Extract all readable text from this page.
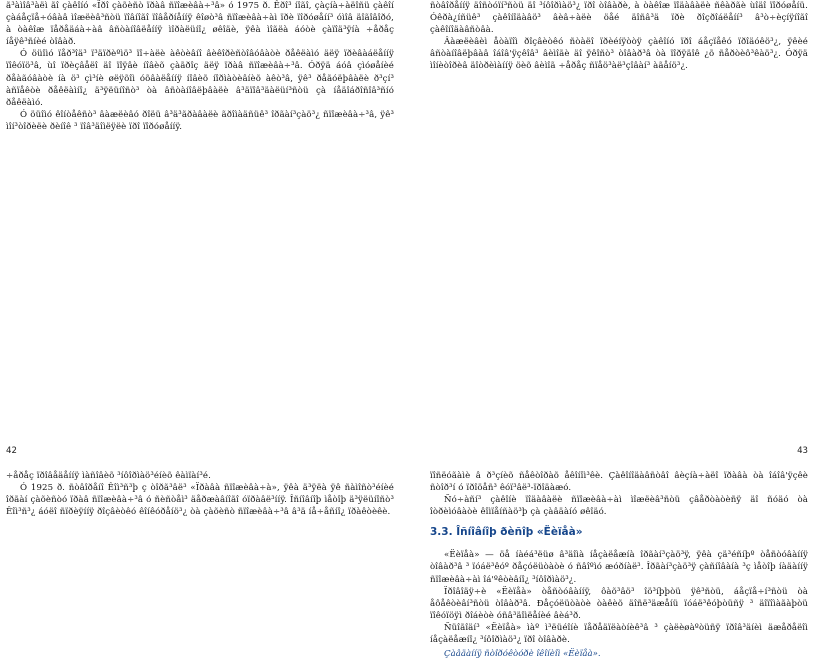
ã³àìîâ³àëì ãî çàêîíó «Ïðî çàõèñò ïðàâ ñïîæèâà÷³â» ó 1975 ð. Êðî³ íîãî, çàçíà÷àëîñü çàêîí çàáåçïå÷óâàâ ìîæëèâ³ñòü ïîâíîãî ïîâåðíåííÿ êîøò³â ñïîæèâà÷àì ïðè ïîðóøåíí³ óìîâ äîãîâîðó, à òàêîæ ïåðåäáà÷àâ âñòàíîâëåííÿ ìîðàëüíî¿ øêîäè, ÿêà ìîãëà áóòè çàïîä³ÿíà ÷åðåç íåÿê³ñíèé òîâàð.

Ó öüîìó ïåð³îä³ ï³äïðèºìö³ ïî÷àëè àêòèâíî âèêîðèñòîâóâàòè ðåêëàìó äëÿ ïðèâàáëåííÿ ïîêóïö³â, ùî ïðèçâåëî äî ïîÿâè íîâèõ çàãðîç äëÿ ïðàâ ñïîæèâà÷³â. Óðÿä áóâ çìóøåíèé ðåàãóâàòè íà ö³ çì³íè øëÿõîì óõâàëåííÿ íîâèõ íîðìàòèâíèõ àêò³â, ÿê³ ðåãóëþâàëè ð³çí³ àñïåêòè ðåêëàìíî¿ ä³ÿëüíîñò³ òà âñòàíîâëþâàëè â³äïîâ³äàëüí³ñòü çà íåäîáðîñîâ³ñíó ðåêëàìó.

Ó öüîìó êîíòåêñò³ âàæëèâó ðîëü â³ä³ãðàâàëè ãðîìàäñüê³ îðãàí³çàö³¿ ñïîæèâà÷³â, ÿê³ ìîí³òîðèëè ðèíîê ³ ïîâ³äîìëÿëè ïðî ïîðóøåííÿ.

42

÷åðåç ïðîâåäåííÿ ìàñîâèõ ³íôîðìàö³éíèõ êàìïàí³é.

Ó 1925 ð. ñòâîðåíî Êîì³ñ³þ ç òîðã³âë³ «Ïðàâà ñïîæèâà÷à», ÿêà ä³ÿëà ÿê ñàìîñò³éíèé îðãàí çàõèñòó ïðàâ ñïîæèâà÷³â ó ñèñòåì³ äåðæàâíîãî óïðàâë³ííÿ. Îñíîâíîþ ìåòîþ ä³ÿëüíîñò³ Êîì³ñ³¿ áóëî ñïðèÿííÿ ðîçâèòêó êîíêóðåíö³¿ òà çàõèñò ñïîæèâà÷³â â³ä íå÷åñíî¿ ïðàêòèêè.

ñòâîðåííÿ äîñòóïí³ñòü äî ³íôîðìàö³¿ ïðî òîâàðè, à òàêîæ ïîäàâàëè ñêàðãè ùîäî ïîðóøåíü. Óêðà¿íñüê³ çàêîíîäàâö³ âèâ÷àëè öåé äîñâ³ä ïðè ðîçðîáëåíí³ â³ò÷èçíÿíîãî çàêîíîäàâñòâà.

Âàæëèâèì åòàïîì ðîçâèòêó ñòàëî ïðèéíÿòòÿ çàêîíó ïðî áåçïåêó ïðîäóêö³¿, ÿêèé âñòàíîâëþâàâ îáîâ'ÿçêîâ³ âèìîãè äî ÿêîñò³ òîâàð³â òà ïîðÿäîê ¿õ ñåðòèô³êàö³¿. Óðÿä ìîíèòîðèâ äîòðèìàííÿ öèõ âèìîã ÷åðåç ñïåö³àë³çîâàí³ àãåíö³¿.

43

ïîñëóãàìè â ð³çíèõ ñåêòîðàõ åêîíîì³êè. Çàêîíîäàâñòâî âèçíà÷àëî ïðàâà òà îáîâ'ÿçêè ñòîð³í ó ïðîöåñ³ êóï³âë³-ïðîäàæó.

Ñó÷àñí³ çàêîíè ïîäàâàëè ñïîæèâà÷àì ìîæëèâ³ñòü çâåðòàòèñÿ äî ñóäó òà îòðèìóâàòè êîìïåíñàö³þ çà çàâäàíó øêîäó.

3.3. Îñíîâíîþ ðèñîþ «Ëèïåà»

«Ëèïåà» — öå íàéá³ëüø â³äîìà íåçàëåæíà îðãàí³çàö³ÿ, ÿêà çä³éñíþº òåñòóâàííÿ òîâàð³â ³ ïóáë³êóº ðåçóëüòàòè ó ñâîºìó æóðíàë³. Îðãàí³çàö³ÿ çàñíîâàíà ³ç ìåòîþ íàäàííÿ ñïîæèâà÷àì îá'ºêòèâíî¿ ³íôîðìàö³¿.

Ïðîâîäÿ÷è «Ëèïåà» òåñòóâàííÿ, ôàõ³âö³ îö³íþþòü ÿê³ñòü, áåçïå÷í³ñòü òà åôåêòèâí³ñòü òîâàð³â. Ðåçóëüòàòè òàêèõ äîñë³äæåíü ïóáë³êóþòüñÿ ³ äîïîìàãàþòü ïîêóïöÿì ðîáèòè óñâ³äîìëåíèé âèá³ð.

Ñüîãîäí³ «Ëèïåà» ìàº ì³ëüéîíè ïåðåäïëàòíèê³â ³ çàëèøàºòüñÿ ïðîâ³äíèì äæåðåëîì íåçàëåæíî¿ ³íôîðìàö³¿ ïðî òîâàðè.

Çàâäàííÿ ñòîðóêòóðè îêîíèîì «Ëèïåà».
